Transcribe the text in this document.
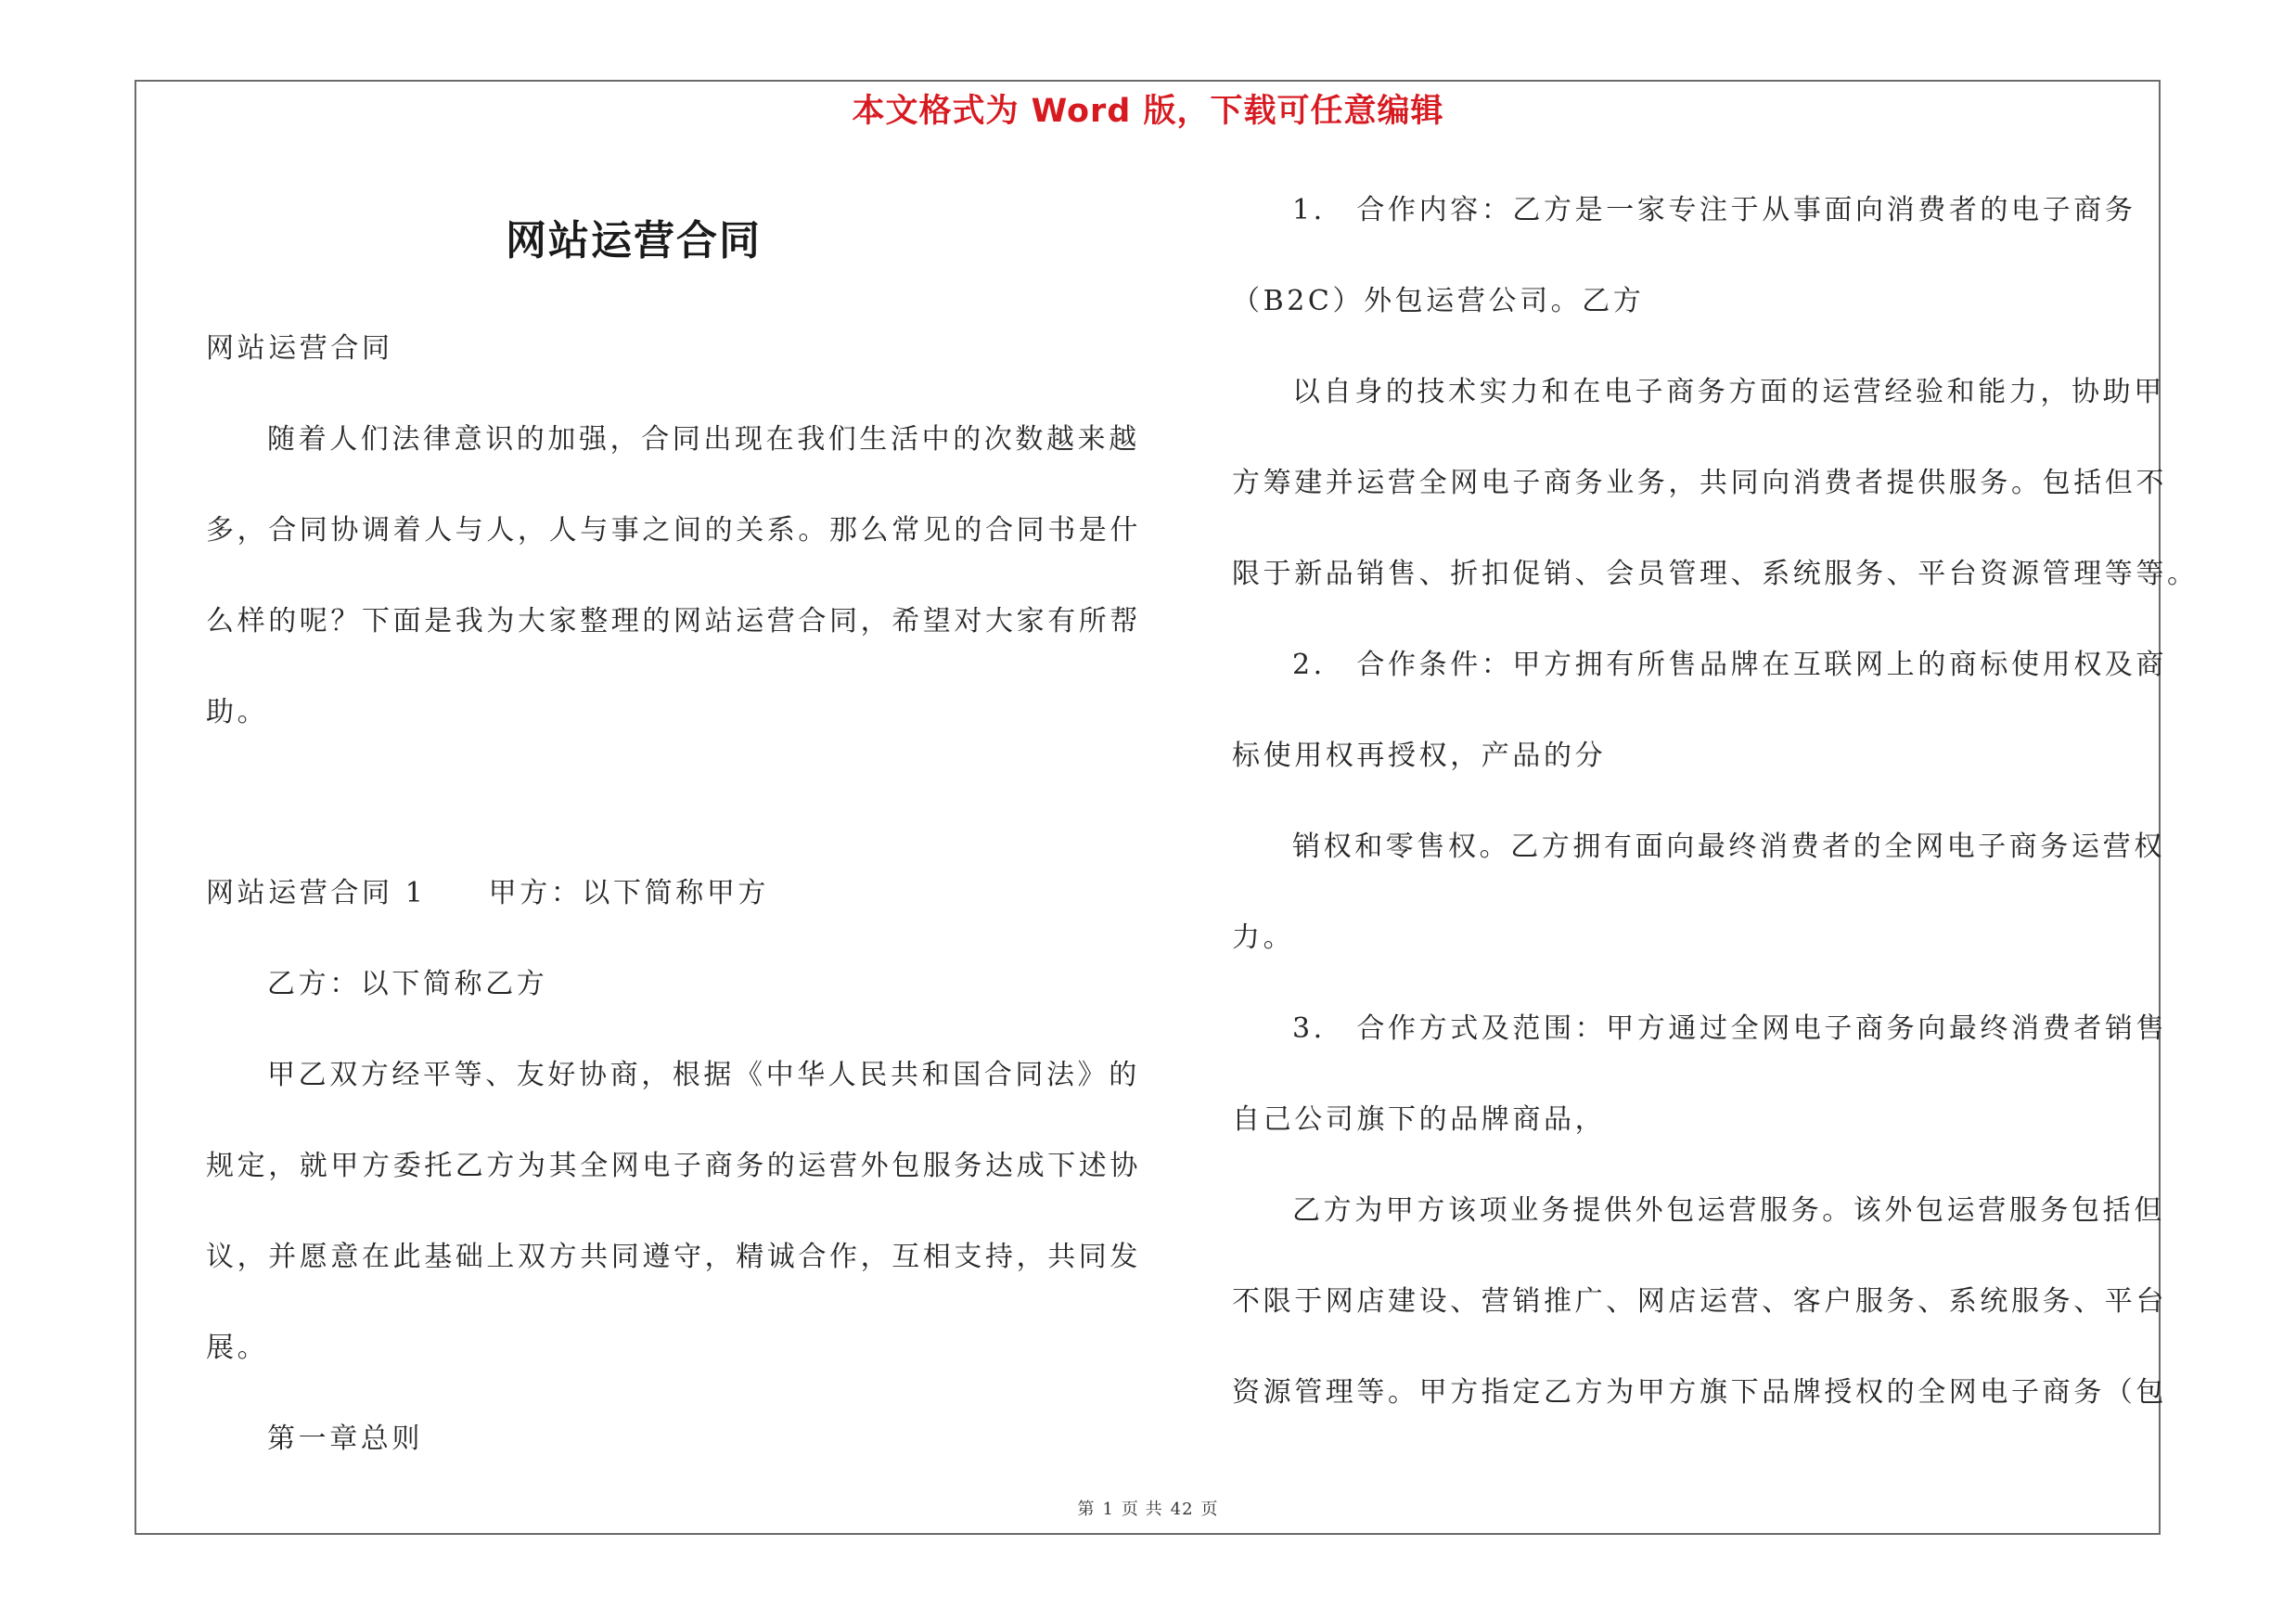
本文格式为 Word 版，下载可任意编辑
网站运营合同
网站运营合同
随着人们法律意识的加强，合同出现在我们生活中的次数越来越
多，合同协调着人与人，人与事之间的关系。那么常见的合同书是什
么样的呢？下面是我为大家整理的网站运营合同，希望对大家有所帮
助。
网站运营合同 1　　甲方：以下简称甲方
乙方：以下简称乙方
甲乙双方经平等、友好协商，根据《中华人民共和国合同法》的
规定，就甲方委托乙方为其全网电子商务的运营外包服务达成下述协
议，并愿意在此基础上双方共同遵守，精诚合作，互相支持，共同发
展。
第一章总则
1.　合作内容：乙方是一家专注于从事面向消费者的电子商务
（B2C）外包运营公司。乙方
以自身的技术实力和在电子商务方面的运营经验和能力，协助甲
方筹建并运营全网电子商务业务，共同向消费者提供服务。包括但不
限于新品销售、折扣促销、会员管理、系统服务、平台资源管理等等。
2.　合作条件：甲方拥有所售品牌在互联网上的商标使用权及商
标使用权再授权，产品的分
销权和零售权。乙方拥有面向最终消费者的全网电子商务运营权
力。
3.　合作方式及范围：甲方通过全网电子商务向最终消费者销售
自己公司旗下的品牌商品，
乙方为甲方该项业务提供外包运营服务。该外包运营服务包括但
不限于网店建设、营销推广、网店运营、客户服务、系统服务、平台
资源管理等。甲方指定乙方为甲方旗下品牌授权的全网电子商务（包
第 1 页 共 42 页
